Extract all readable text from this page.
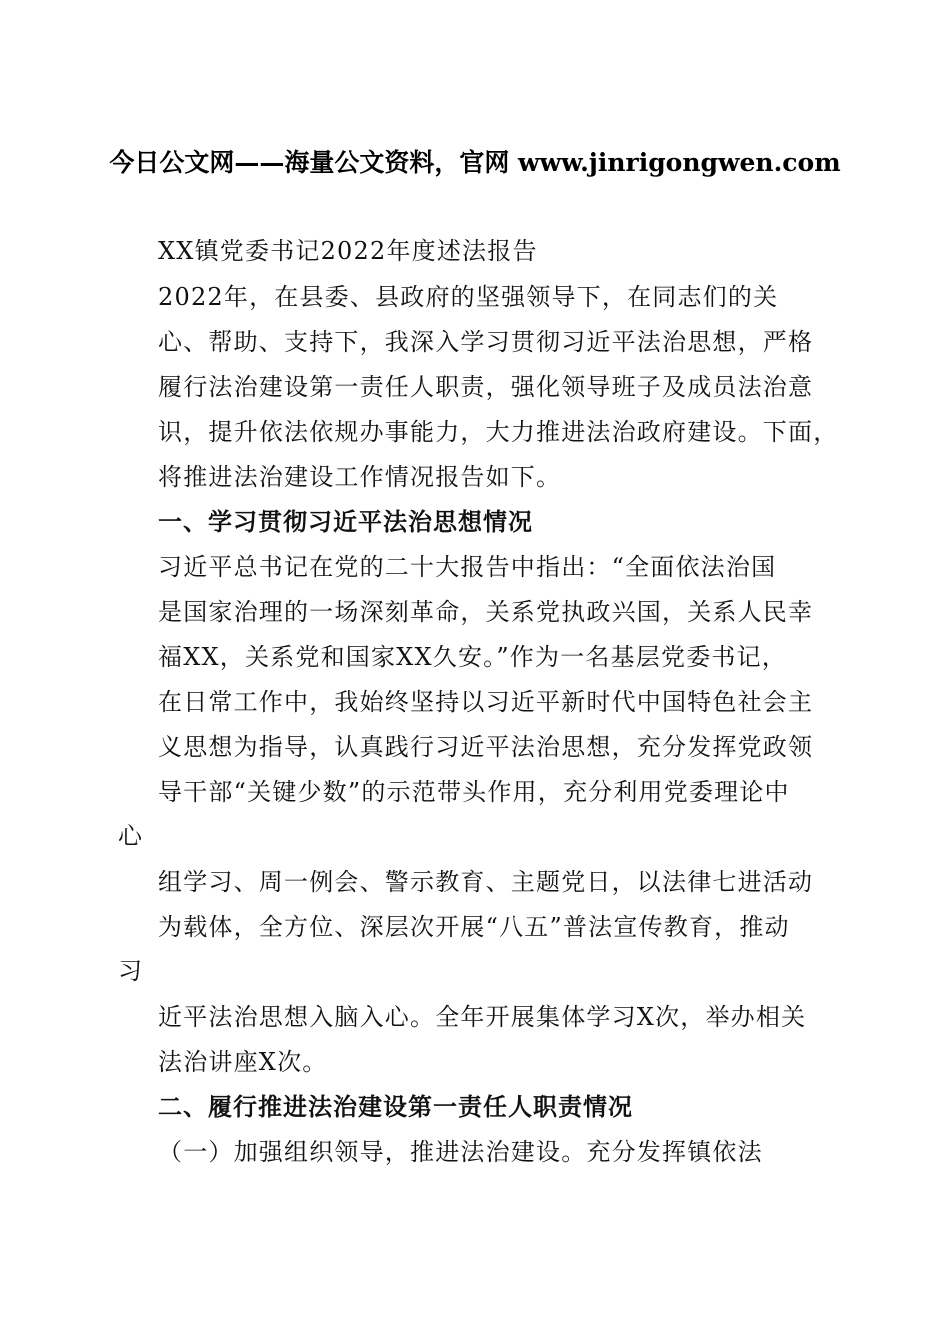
今日公文网——海量公文资料，官网 www.jinrigongwen.com
XX镇党委书记2022年度述法报告
2022年，在县委、县政府的坚强领导下，在同志们的关
心、帮助、支持下，我深入学习贯彻习近平法治思想，严格
履行法治建设第一责任人职责，强化领导班子及成员法治意
识，提升依法依规办事能力，大力推进法治政府建设。下面，
将推进法治建设工作情况报告如下。
一、学习贯彻习近平法治思想情况
习近平总书记在党的二十大报告中指出：“全面依法治国
是国家治理的一场深刻革命，关系党执政兴国，关系人民幸
福XX，关系党和国家XX久安。”作为一名基层党委书记，
在日常工作中，我始终坚持以习近平新时代中国特色社会主
义思想为指导，认真践行习近平法治思想，充分发挥党政领
导干部“关键少数”的示范带头作用，充分利用党委理论中
心
组学习、周一例会、警示教育、主题党日，以法律七进活动
为载体，全方位、深层次开展“八五”普法宣传教育，推动
习
近平法治思想入脑入心。全年开展集体学习X次，举办相关
法治讲座X次。
二、履行推进法治建设第一责任人职责情况
（一）加强组织领导，推进法治建设。充分发挥镇依法
